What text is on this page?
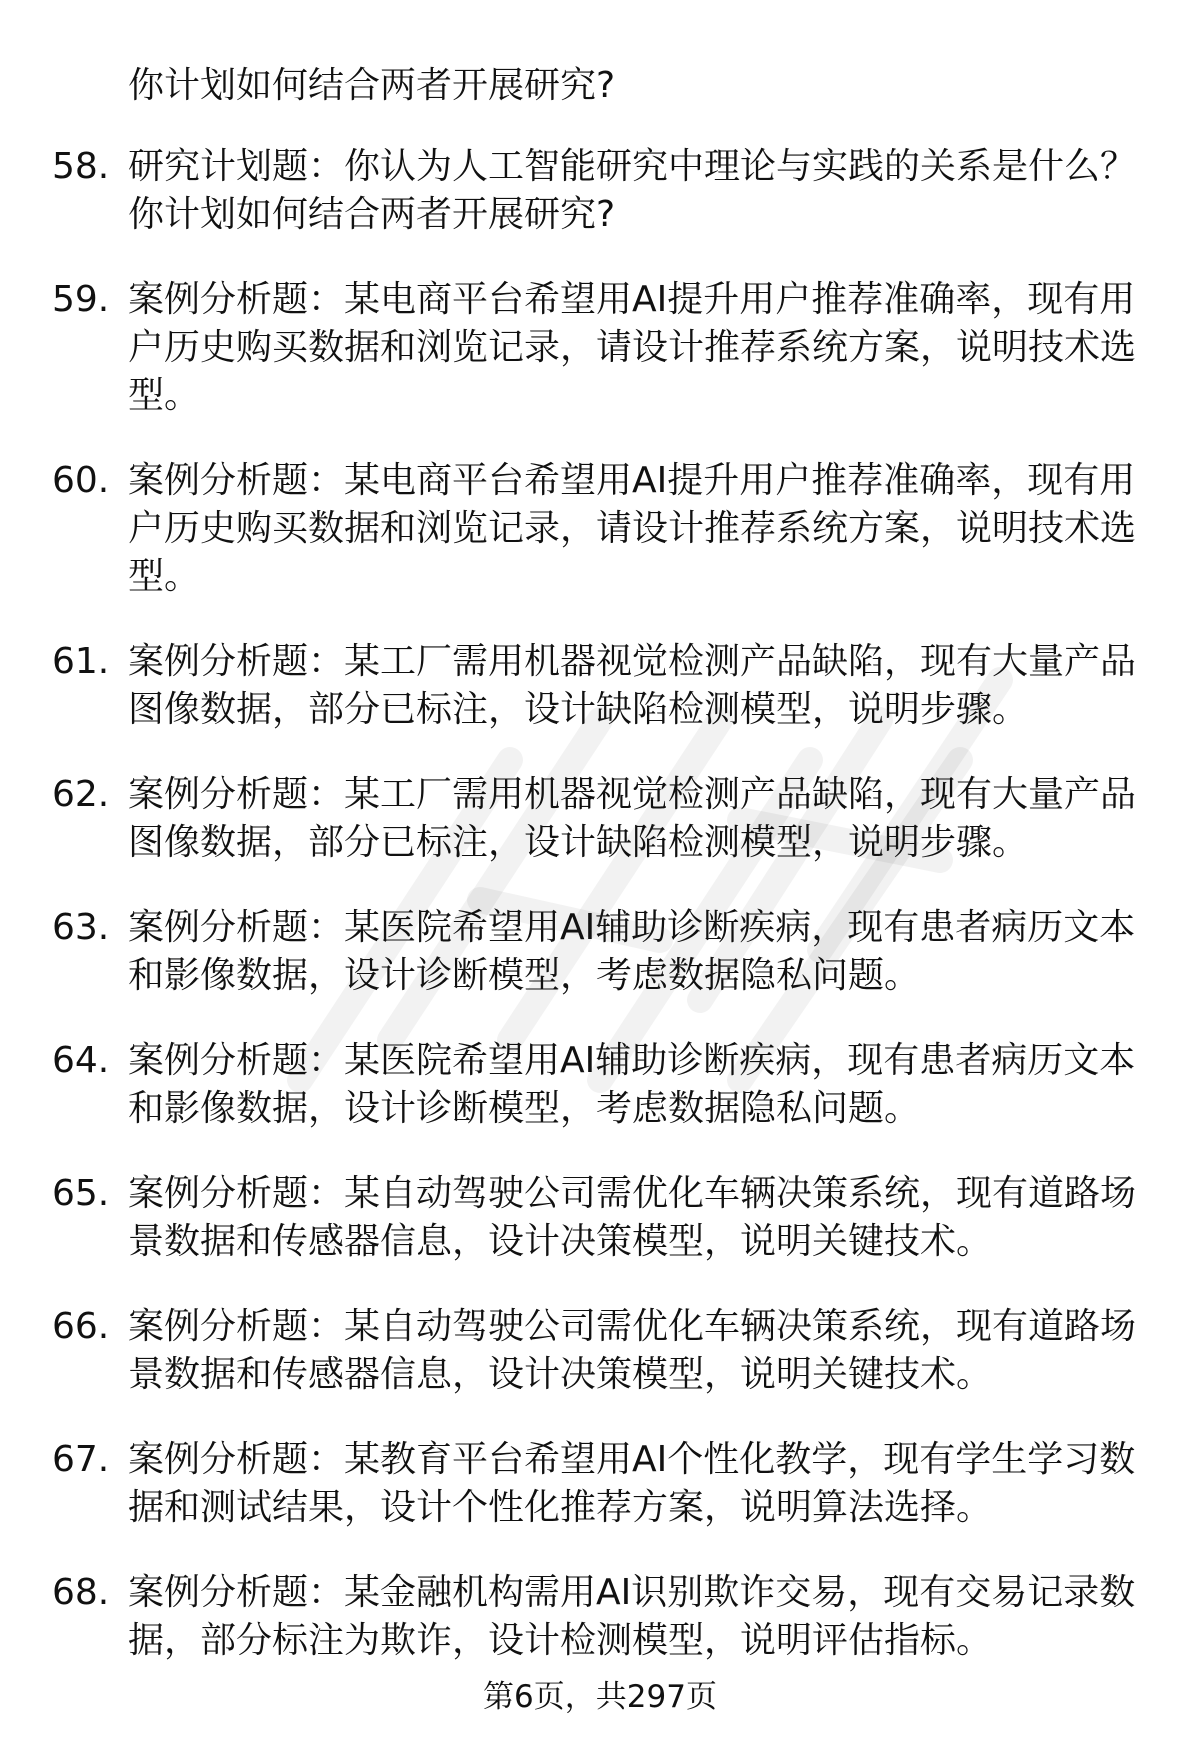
你计划如何结合两者开展研究?
58. 研究计划题：你认为人工智能研究中理论与实践的关系是什么？你计划如何结合两者开展研究?
59. 案例分析题：某电商平台希望用AI提升用户推荐准确率，现有用户历史购买数据和浏览记录，请设计推荐系统方案，说明技术选型。
60. 案例分析题：某电商平台希望用AI提升用户推荐准确率，现有用户历史购买数据和浏览记录，请设计推荐系统方案，说明技术选型。
61. 案例分析题：某工厂需用机器视觉检测产品缺陷，现有大量产品图像数据，部分已标注，设计缺陷检测模型，说明步骤。
62. 案例分析题：某工厂需用机器视觉检测产品缺陷，现有大量产品图像数据，部分已标注，设计缺陷检测模型，说明步骤。
63. 案例分析题：某医院希望用AI辅助诊断疾病，现有患者病历文本和影像数据，设计诊断模型，考虑数据隐私问题。
64. 案例分析题：某医院希望用AI辅助诊断疾病，现有患者病历文本和影像数据，设计诊断模型，考虑数据隐私问题。
65. 案例分析题：某自动驾驶公司需优化车辆决策系统，现有道路场景数据和传感器信息，设计决策模型，说明关键技术。
66. 案例分析题：某自动驾驶公司需优化车辆决策系统，现有道路场景数据和传感器信息，设计决策模型，说明关键技术。
67. 案例分析题：某教育平台希望用AI个性化教学，现有学生学习数据和测试结果，设计个性化推荐方案，说明算法选择。
68. 案例分析题：某金融机构需用AI识别欺诈交易，现有交易记录数据，部分标注为欺诈，设计检测模型，说明评估指标。
第6页，共297页
